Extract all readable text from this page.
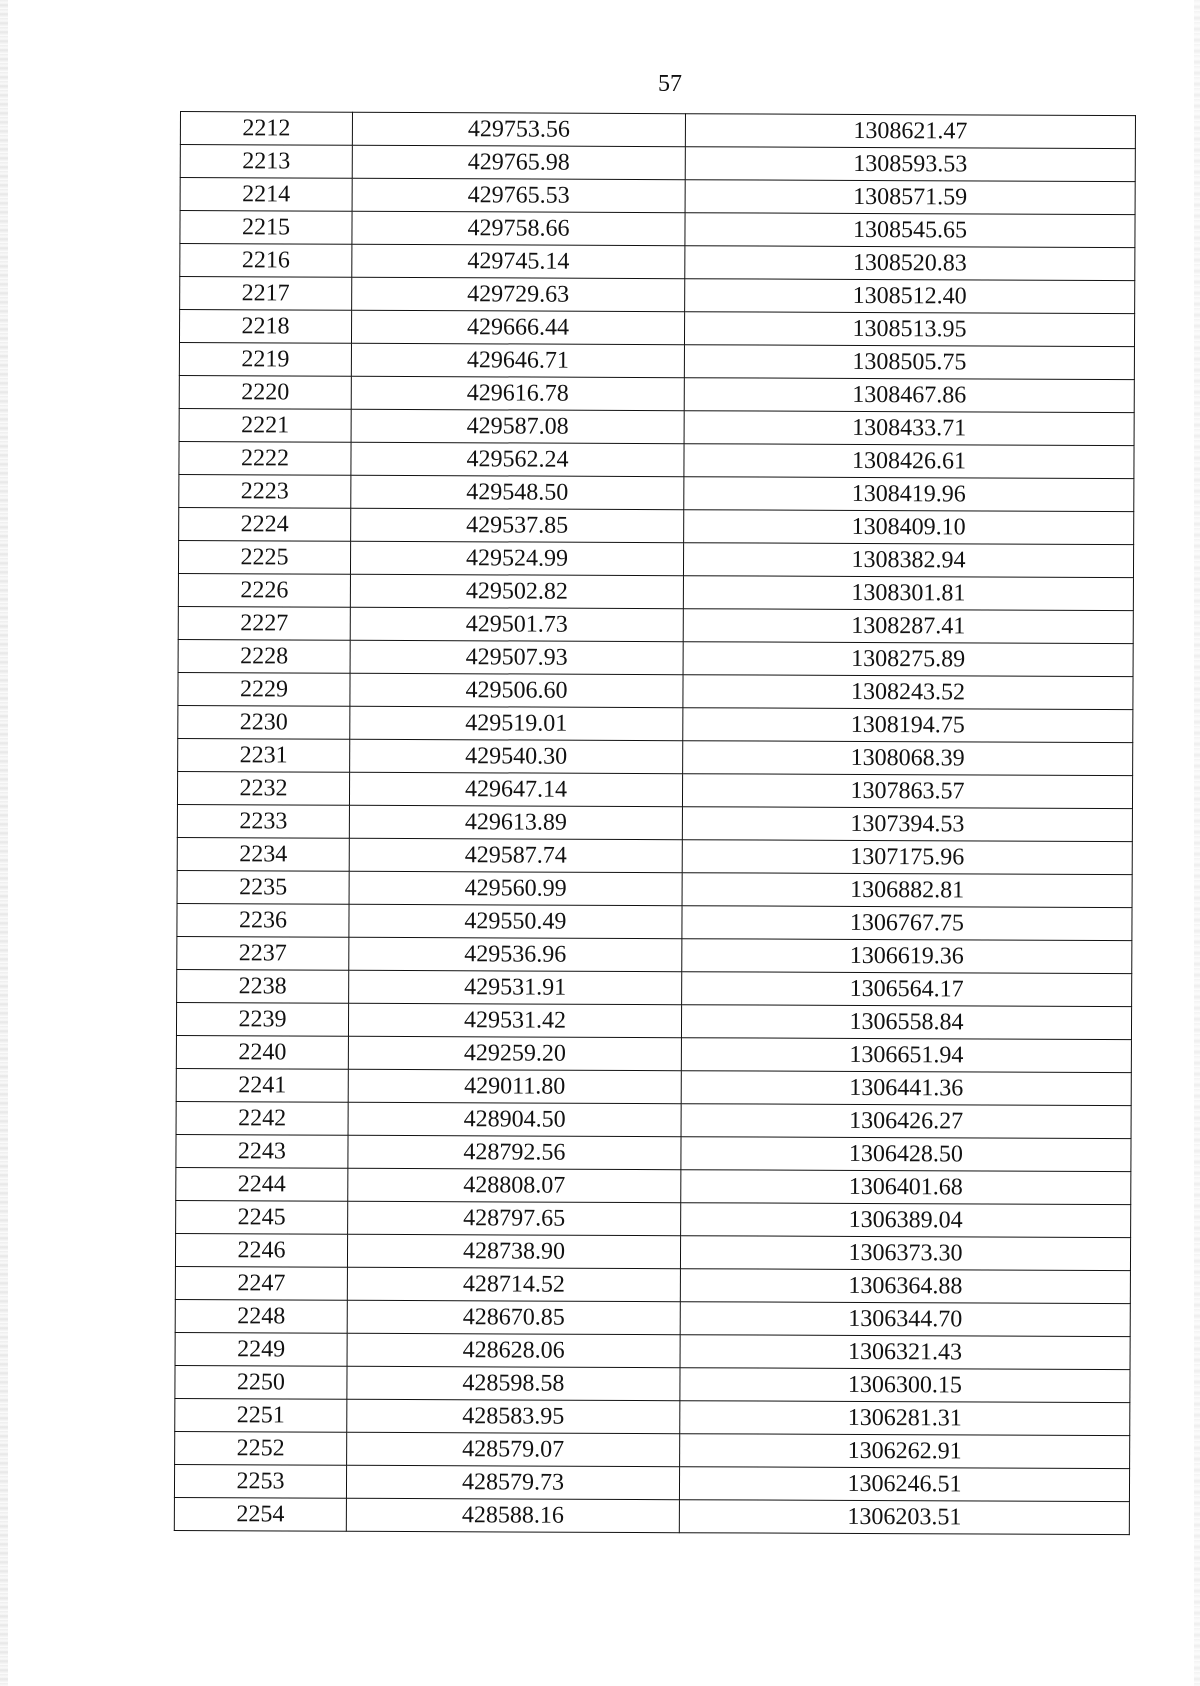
57
2212	429753.56	1308621.47
2213	429765.98	1308593.53
2214	429765.53	1308571.59
2215	429758.66	1308545.65
2216	429745.14	1308520.83
2217	429729.63	1308512.40
2218	429666.44	1308513.95
2219	429646.71	1308505.75
2220	429616.78	1308467.86
2221	429587.08	1308433.71
2222	429562.24	1308426.61
2223	429548.50	1308419.96
2224	429537.85	1308409.10
2225	429524.99	1308382.94
2226	429502.82	1308301.81
2227	429501.73	1308287.41
2228	429507.93	1308275.89
2229	429506.60	1308243.52
2230	429519.01	1308194.75
2231	429540.30	1308068.39
2232	429647.14	1307863.57
2233	429613.89	1307394.53
2234	429587.74	1307175.96
2235	429560.99	1306882.81
2236	429550.49	1306767.75
2237	429536.96	1306619.36
2238	429531.91	1306564.17
2239	429531.42	1306558.84
2240	429259.20	1306651.94
2241	429011.80	1306441.36
2242	428904.50	1306426.27
2243	428792.56	1306428.50
2244	428808.07	1306401.68
2245	428797.65	1306389.04
2246	428738.90	1306373.30
2247	428714.52	1306364.88
2248	428670.85	1306344.70
2249	428628.06	1306321.43
2250	428598.58	1306300.15
2251	428583.95	1306281.31
2252	428579.07	1306262.91
2253	428579.73	1306246.51
2254	428588.16	1306203.51
